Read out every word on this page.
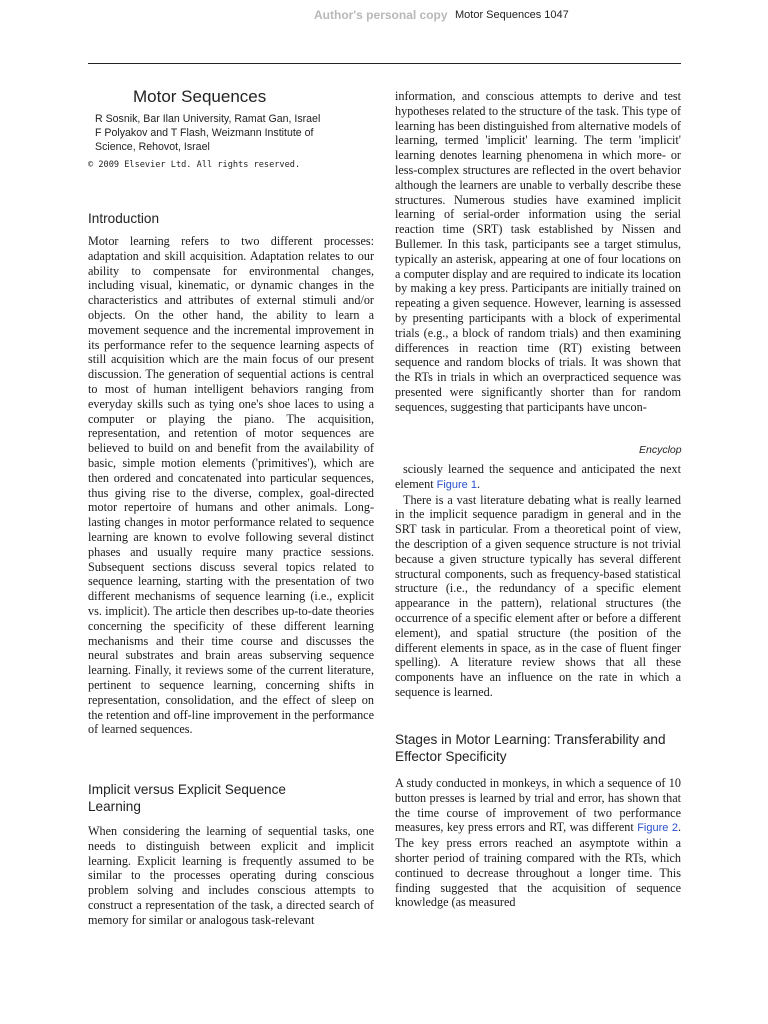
Author's personal copy Motor Sequences 1047
Motor Sequences
R Sosnik, Bar Ilan University, Ramat Gan, Israel
F Polyakov and T Flash, Weizmann Institute of
Science, Rehovot, Israel
© 2009 Elsevier Ltd. All rights reserved.
Introduction

Motor learning refers to two different processes: adaptation and skill acquisition. Adaptation relates to our ability to compensate for environmental changes, including visual, kinematic, or dynamic changes in the characteristics and attributes of external stimuli and/or objects. On the other hand, the ability to learn a movement sequence and the incremental improvement in its performance refer to the sequence learning aspects of still acquisition which are the main focus of our present discussion. The generation of sequential actions is central to most of human intelligent behaviors ranging from everyday skills such as tying one's shoe laces to using a computer or playing the piano. The acquisition, representation, and retention of motor sequences are believed to build on and benefit from the availability of basic, simple motion elements ('primitives'), which are then ordered and concatenated into particular sequences, thus giving rise to the diverse, complex, goal-directed motor repertoire of humans and other animals. Long-lasting changes in motor performance related to sequence learning are known to evolve following several distinct phases and usually require many practice sessions. Subsequent sections discuss several topics related to sequence learning, starting with the presentation of two different mechanisms of sequence learning (i.e., explicit vs. implicit). The article then describes up-to-date theories concerning the specificity of these different learning mechanisms and their time course and discusses the neural substrates and brain areas subserving sequence learning. Finally, it reviews some of the current literature, pertinent to sequence learning, concerning shifts in representation, consolidation, and the effect of sleep on the retention and off-line improvement in the performance of learned sequences.

Implicit versus Explicit Sequence Learning

When considering the learning of sequential tasks, one needs to distinguish between explicit and implicit learning. Explicit learning is frequently assumed to be similar to the processes operating during conscious problem solving and includes conscious attempts to construct a representation of the task, a directed search of memory for similar or analogous task-relevant

information, and conscious attempts to derive and test hypotheses related to the structure of the task. This type of learning has been distinguished from alternative models of learning, termed 'implicit' learning. The term 'implicit' learning denotes learning phenomena in which more- or less-complex structures are reflected in the overt behavior although the learners are unable to verbally describe these structures. Numerous studies have examined implicit learning of serial-order information using the serial reaction time (SRT) task established by Nissen and Bullemer. In this task, participants see a target stimulus, typically an asterisk, appearing at one of four locations on a computer display and are required to indicate its location by making a key press. Participants are initially trained on repeating a given sequence. However, learning is assessed by presenting participants with a block of experimental trials (e.g., a block of random trials) and then examining differences in reaction time (RT) existing between sequence and random blocks of trials. It was shown that the RTs in trials in which an overpracticed sequence was presented were significantly shorter than for random sequences, suggesting that participants have uncon-

Encyclop

sciously learned the sequence and anticipated the next element Figure 1.

There is a vast literature debating what is really learned in the implicit sequence paradigm in general and in the SRT task in particular. From a theoretical point of view, the description of a given sequence structure is not trivial because a given structure typically has several different structural components, such as frequency-based statistical structure (i.e., the redundancy of a specific element appearance in the pattern), relational structures (the occurrence of a specific element after or before a different element), and spatial structure (the position of the different elements in space, as in the case of fluent finger spelling). A literature review shows that all these components have an influence on the rate in which a sequence is learned.

Stages in Motor Learning: Transferability and Effector Specificity

A study conducted in monkeys, in which a sequence of 10 button presses is learned by trial and error, has shown that the time course of improvement of two performance measures, key press errors and RT, was different Figure 2. The key press errors reached an asymptote within a shorter period of training compared with the RTs, which continued to decrease throughout a longer time. This finding suggested that the acquisition of sequence knowledge (as measured
